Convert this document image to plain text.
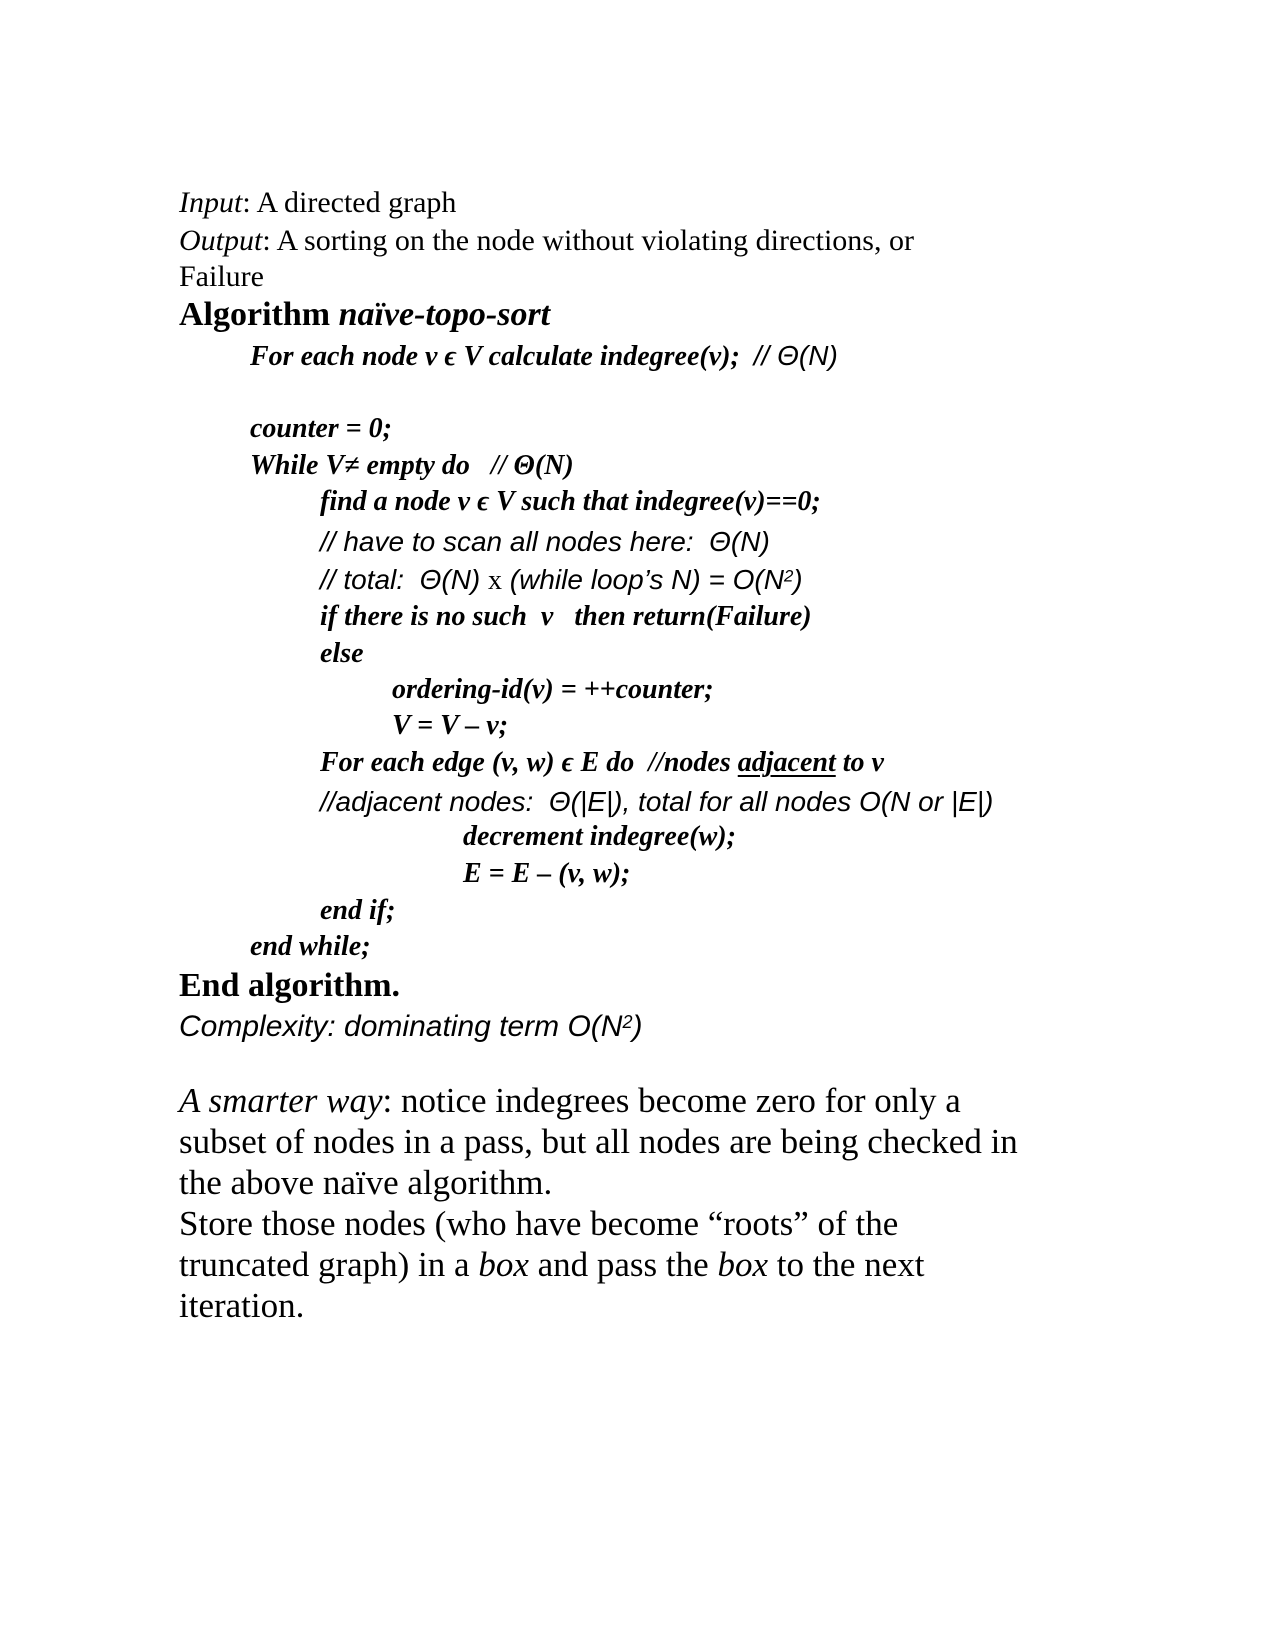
Input: A directed graph
Output: A sorting on the node without violating directions, or
Failure
Algorithm naïve-topo-sort
For each node v ϵ V calculate indegree(v);  // Θ(N)
counter = 0;
While V≠ empty do   // Θ(N)
find a node v ϵ V such that indegree(v)==0;
// have to scan all nodes here:  Θ(N)
// total:  Θ(N) x (while loop’s $N) = O(N^2)$
if there is no such  v   then return(Failure)
else
ordering-id(v) = ++counter;
V = V – v;
For each edge (v, w) ϵ E do  //nodes adjacent to v
//adjacent nodes:  Θ(|E|), total for all nodes O(N or |E|)
decrement indegree(w);
E = E – (v, w);
end if;
end while;
End algorithm.
Complexity: dominating term $O(N^2)$
A smarter way: notice indegrees become zero for only a
subset of nodes in a pass, but all nodes are being checked in
the above naïve algorithm.
Store those nodes (who have become “roots” of the
truncated graph) in a box and pass the box to the next
iteration.
